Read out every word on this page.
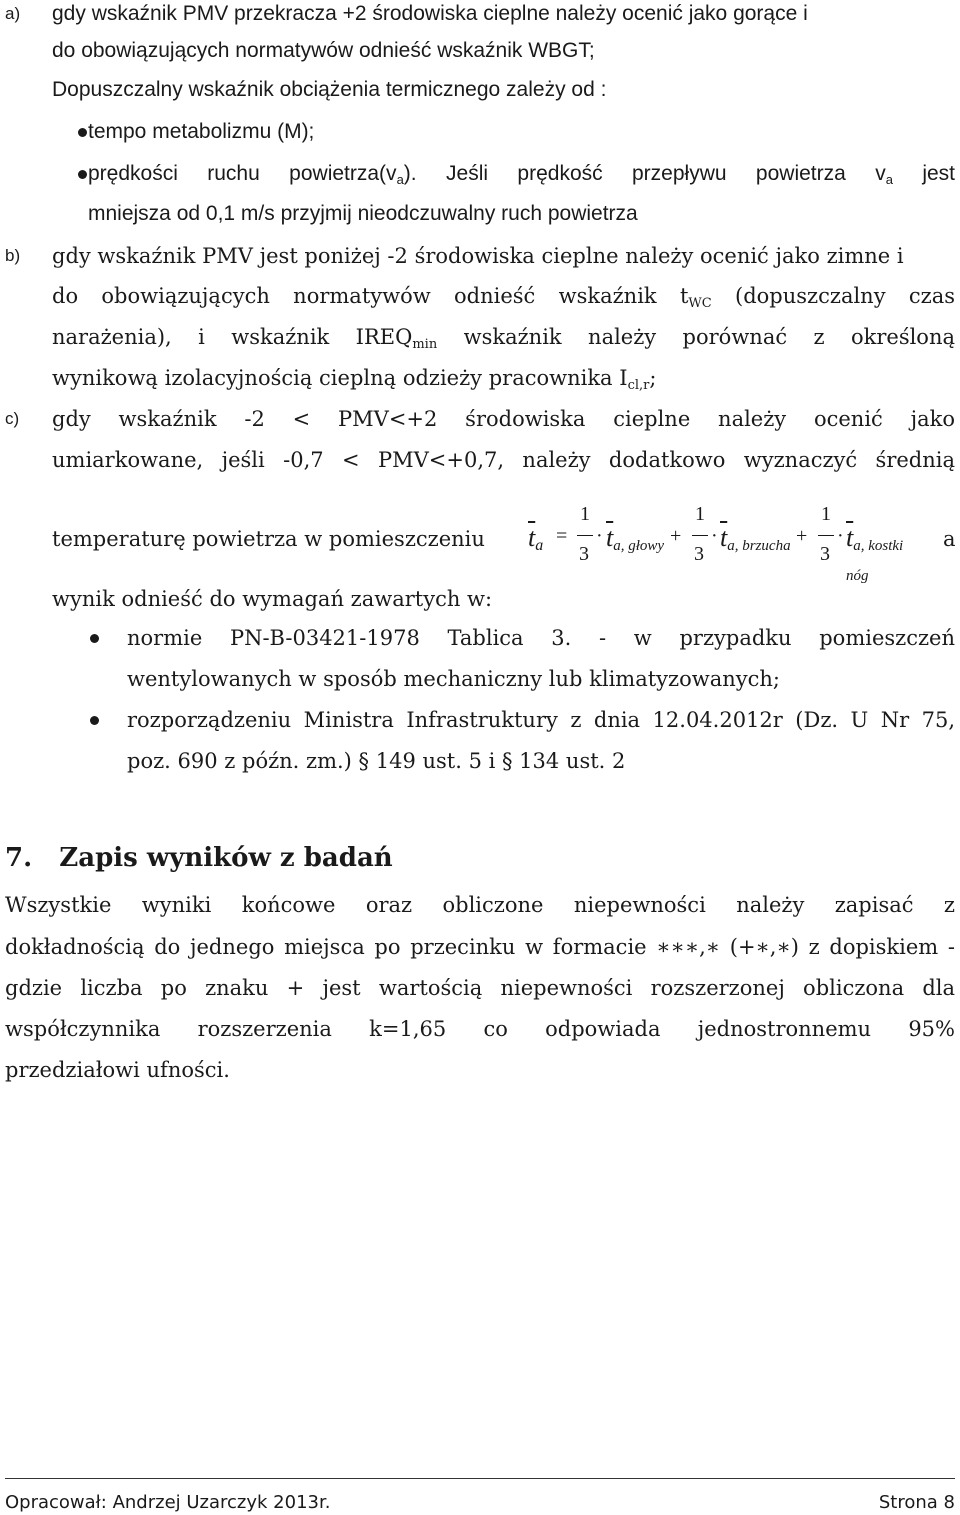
a) gdy wskaźnik PMV przekracza +2 środowiska cieplne należy ocenić jako gorące i
do obowiązujących normatywów odnieść wskaźnik WBGT;
Dopuszczalny wskaźnik obciążenia termicznego zależy od :
tempo metabolizmu (M);
prędkości ruchu $powietrza(v_a)$. Jeśli prędkość przepływu powietrza $v_a$ jest
mniejsza od 0,1 m/s przyjmij nieodczuwalny ruch powietrza
b) gdy wskaźnik PMV jest poniżej -2 środowiska cieplne należy ocenić jako zimne i
do obowiązujących normatywów odnieść wskaźnik $t_{WC}$ (dopuszczalny czas
narażenia), i wskaźnik $IREQ_{min}$ wskaźnik należy porównać z określoną
wynikową izolacyjnością cieplną odzieży pracownika $I_{cl,r}$;
c) gdy wskaźnik -2 < PMV<+2 środowiska cieplne należy ocenić jako
umiarkowane, jeśli -0,7 < PMV<+0,7, należy dodatkowo wyznaczyć średnią
temperaturę powietrza w pomieszczeniu $\overline{t}_a$ =
1
3
· $\overline{t}_{a, głowy}$ +
1
3
· $\overline{t}_{a, brzucha}$ +
1
3
· $\overline{t}_{a, kostki nóg}$
a
wynik odnieść do wymagań zawartych w:
normie PN-B-03421-1978 Tablica 3. - w przypadku pomieszczeń
wentylowanych w sposób mechaniczny lub klimatyzowanych;
rozporządzeniu Ministra Infrastruktury z dnia 12.04.2012r (Dz. U Nr 75,
poz. 690 z późn. zm.) § 149 ust. 5 i § 134 ust. 2
7.   Zapis wyników z badań
Wszystkie wyniki końcowe oraz obliczone niepewności należy zapisać z
dokładnością do jednego miejsca po przecinku w formacie ∗∗∗,∗ (+∗,∗) z dopiskiem -
gdzie liczba po znaku + jest wartością niepewności rozszerzonej obliczona dla
współczynnika rozszerzenia k=1,65 co odpowiada jednostronnemu 95%
przedziałowi ufności.
Opracował: Andrzej Uzarczyk 2013r.	Strona 8
